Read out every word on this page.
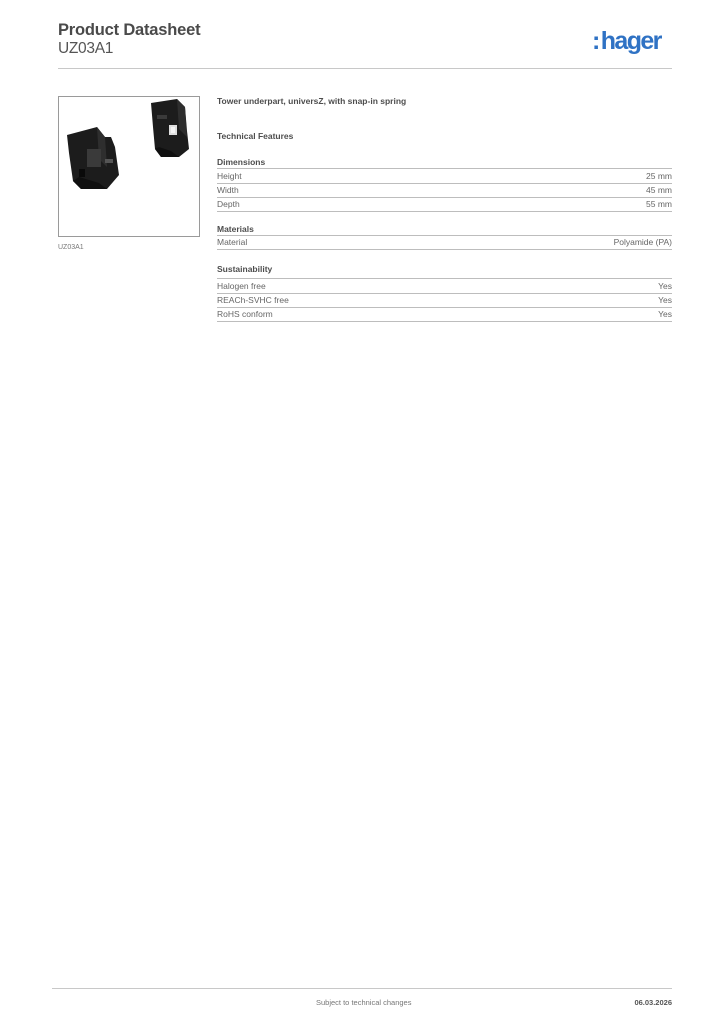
Product Datasheet
UZ03A1	:hager
UZ03A1
Tower underpart, universZ, with snap-in spring
Technical Features
Dimensions
Height	25 mm
Width	45 mm
Depth	55 mm
Materials
Material	Polyamide (PA)
Sustainability
Halogen free	Yes
REACh-SVHC free	Yes
RoHS conform	Yes
Subject to technical changes	06.03.2026
